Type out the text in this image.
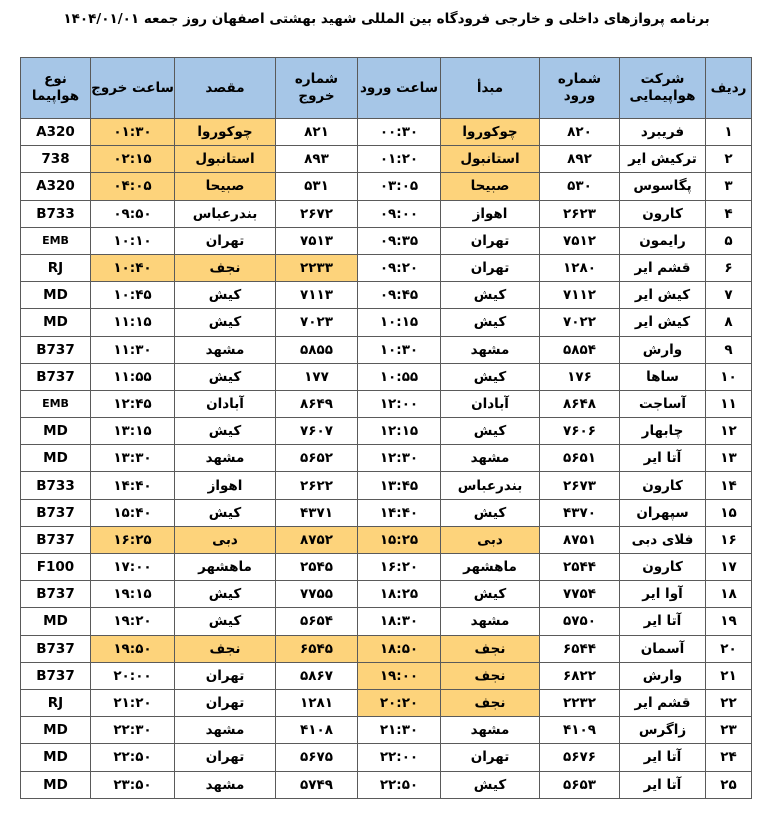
برنامه پروازهای داخلی و خارجی فرودگاه بین المللی شهید بهشتی اصفهان روز جمعه ۱۴۰۴/۰۱/۰۱
ردیف	شرکت هواپیمایی	شماره ورود	مبدأ	ساعت ورود	شماره خروج	مقصد	ساعت خروج	نوع هواپیما
۱	فریبرد	۸۲۰	چوکوروا	۰۰:۳۰	۸۲۱	چوکوروا	۰۱:۳۰	A320
۲	ترکیش ایر	۸۹۲	استانبول	۰۱:۲۰	۸۹۳	استانبول	۰۲:۱۵	738
۳	پگاسوس	۵۳۰	صبیحا	۰۳:۰۵	۵۳۱	صبیحا	۰۴:۰۵	A320
۴	کارون	۲۶۲۳	اهواز	۰۹:۰۰	۲۶۷۲	بندرعباس	۰۹:۵۰	B733
۵	رایمون	۷۵۱۲	تهران	۰۹:۳۵	۷۵۱۳	تهران	۱۰:۱۰	EMB
۶	قشم ایر	۱۲۸۰	تهران	۰۹:۲۰	۲۲۳۳	نجف	۱۰:۴۰	RJ
۷	کیش ایر	۷۱۱۲	کیش	۰۹:۴۵	۷۱۱۳	کیش	۱۰:۴۵	MD
۸	کیش ایر	۷۰۲۲	کیش	۱۰:۱۵	۷۰۲۳	کیش	۱۱:۱۵	MD
۹	وارش	۵۸۵۴	مشهد	۱۰:۳۰	۵۸۵۵	مشهد	۱۱:۳۰	B737
۱۰	ساها	۱۷۶	کیش	۱۰:۵۵	۱۷۷	کیش	۱۱:۵۵	B737
۱۱	آساجت	۸۶۴۸	آبادان	۱۲:۰۰	۸۶۴۹	آبادان	۱۲:۴۵	EMB
۱۲	چابهار	۷۶۰۶	کیش	۱۲:۱۵	۷۶۰۷	کیش	۱۳:۱۵	MD
۱۳	آتا ایر	۵۶۵۱	مشهد	۱۲:۳۰	۵۶۵۲	مشهد	۱۳:۳۰	MD
۱۴	کارون	۲۶۷۳	بندرعباس	۱۳:۴۵	۲۶۲۲	اهواز	۱۴:۴۰	B733
۱۵	سپهران	۴۳۷۰	کیش	۱۴:۴۰	۴۳۷۱	کیش	۱۵:۴۰	B737
۱۶	فلای دبی	۸۷۵۱	دبی	۱۵:۲۵	۸۷۵۲	دبی	۱۶:۲۵	B737
۱۷	کارون	۲۵۴۴	ماهشهر	۱۶:۲۰	۲۵۴۵	ماهشهر	۱۷:۰۰	F100
۱۸	آوا ایر	۷۷۵۴	کیش	۱۸:۲۵	۷۷۵۵	کیش	۱۹:۱۵	B737
۱۹	آتا ایر	۵۷۵۰	مشهد	۱۸:۳۰	۵۶۵۴	کیش	۱۹:۲۰	MD
۲۰	آسمان	۶۵۴۴	نجف	۱۸:۵۰	۶۵۴۵	نجف	۱۹:۵۰	B737
۲۱	وارش	۶۸۲۲	نجف	۱۹:۰۰	۵۸۶۷	تهران	۲۰:۰۰	B737
۲۲	قشم ایر	۲۲۳۲	نجف	۲۰:۲۰	۱۲۸۱	تهران	۲۱:۲۰	RJ
۲۳	زاگرس	۴۱۰۹	مشهد	۲۱:۳۰	۴۱۰۸	مشهد	۲۲:۳۰	MD
۲۴	آتا ایر	۵۶۷۶	تهران	۲۲:۰۰	۵۶۷۵	تهران	۲۲:۵۰	MD
۲۵	آتا ایر	۵۶۵۳	کیش	۲۲:۵۰	۵۷۴۹	مشهد	۲۳:۵۰	MD
